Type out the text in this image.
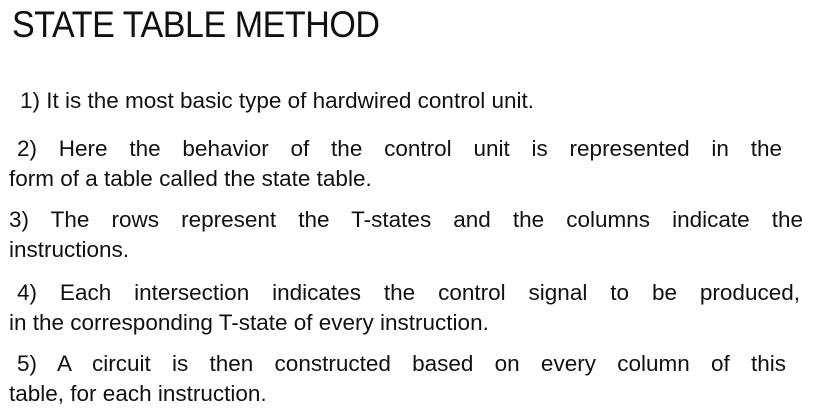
STATE TABLE METHOD
1) It is the most basic type of hardwired control unit.
2) Here the behavior of the control unit is represented in the
form of a table called the state table.
3) The rows represent the T-states and the columns indicate the
instructions.
4) Each intersection indicates the control signal to be produced,
in the corresponding T-state of every instruction.
5) A circuit is then constructed based on every column of this
table, for each instruction.
